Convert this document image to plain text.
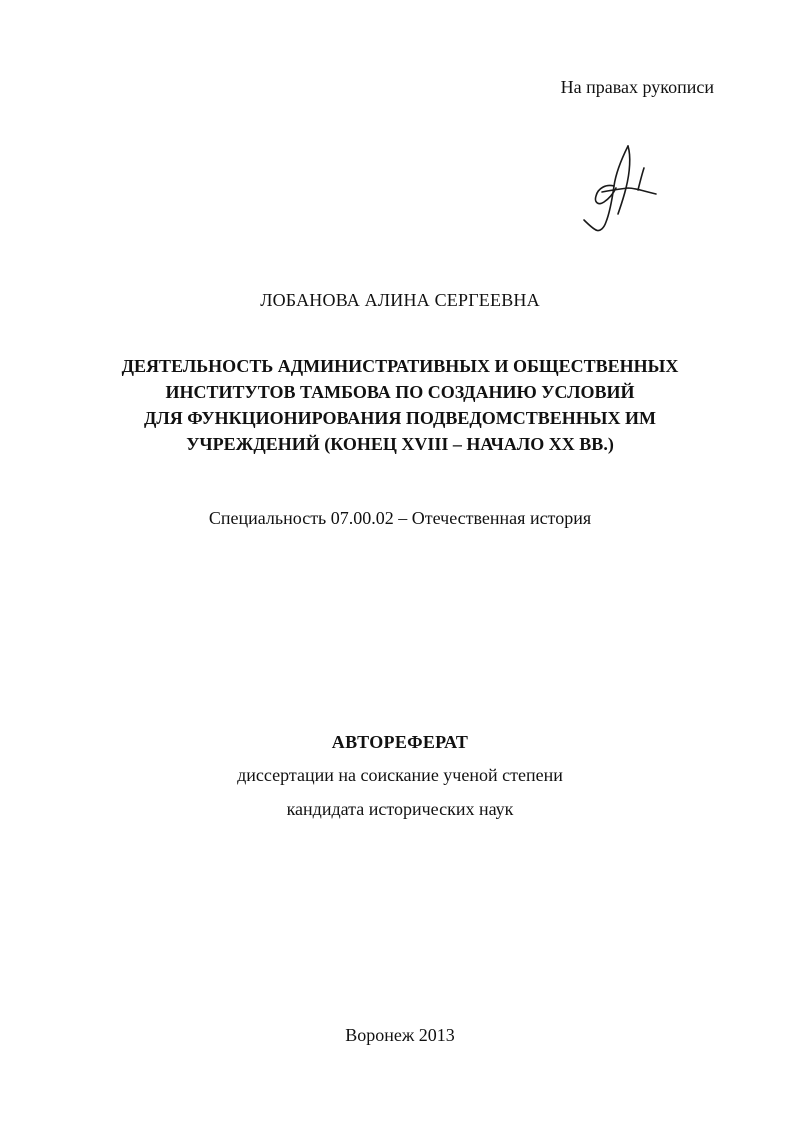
На правах рукописи
ЛОБАНОВА АЛИНА СЕРГЕЕВНА
ДЕЯТЕЛЬНОСТЬ АДМИНИСТРАТИВНЫХ И ОБЩЕСТВЕННЫХ
ИНСТИТУТОВ ТАМБОВА ПО СОЗДАНИЮ УСЛОВИЙ
ДЛЯ ФУНКЦИОНИРОВАНИЯ ПОДВЕДОМСТВЕННЫХ ИМ
УЧРЕЖДЕНИЙ (КОНЕЦ XVIII – НАЧАЛО XX ВВ.)
Специальность 07.00.02 – Отечественная история
АВТОРЕФЕРАТ
диссертации на соискание ученой степени
кандидата исторических наук
Воронеж 2013
